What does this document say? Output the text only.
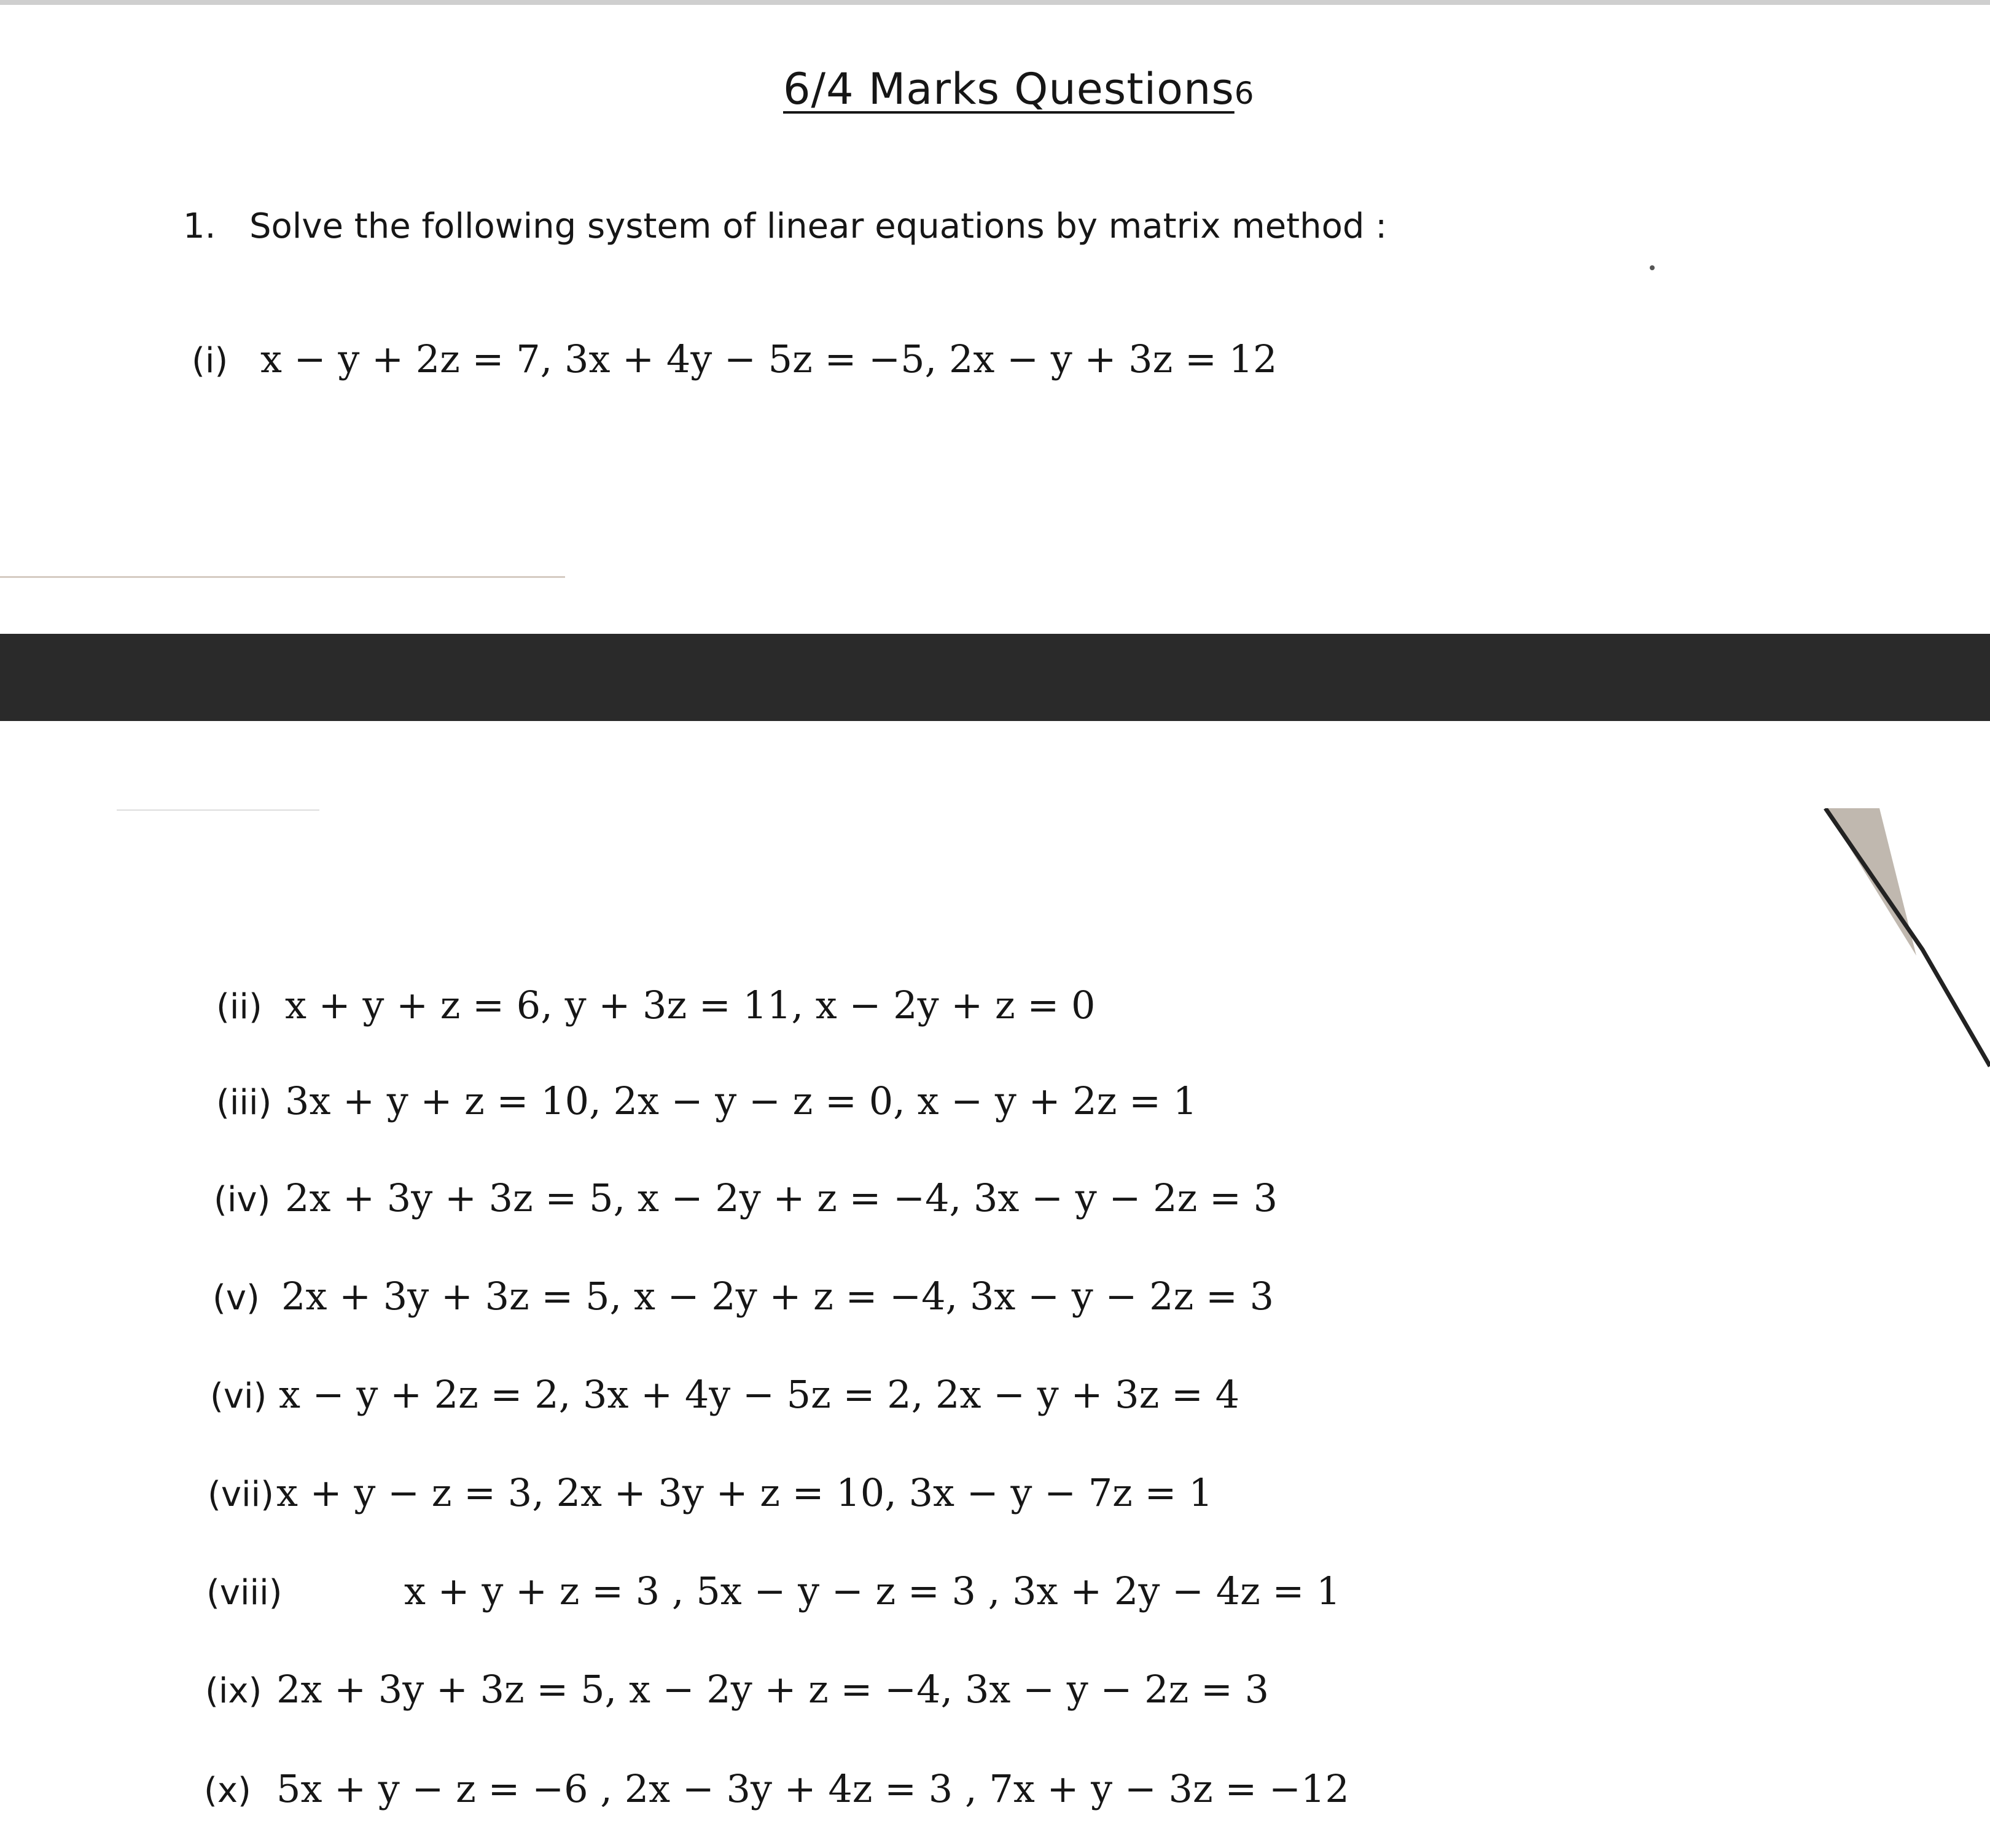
6/4 Marks Questions6
1. Solve the following system of linear equations by matrix method :
(i) x − y + 2z = 7, 3x + 4y − 5z = −5, 2x − y + 3z = 12
(ii) x + y + z = 6, y + 3z = 11, x − 2y + z = 0
(iii) 3x + y + z = 10, 2x − y − z = 0, x − y + 2z = 1
(iv) 2x + 3y + 3z = 5, x − 2y + z = −4, 3x − y − 2z = 3
(v) 2x + 3y + 3z = 5, x − 2y + z = −4, 3x − y − 2z = 3
(vi) x − y + 2z = 2, 3x + 4y − 5z = 2, 2x − y + 3z = 4
(vii)x + y − z = 3, 2x + 3y + z = 10, 3x − y − 7z = 1
(viii)	x + y + z = 3 , 5x − y − z = 3 , 3x + 2y − 4z = 1
(ix) 2x + 3y + 3z = 5, x − 2y + z = −4, 3x − y − 2z = 3
(x) 5x + y − z = −6 , 2x − 3y + 4z = 3 , 7x + y − 3z = −12
